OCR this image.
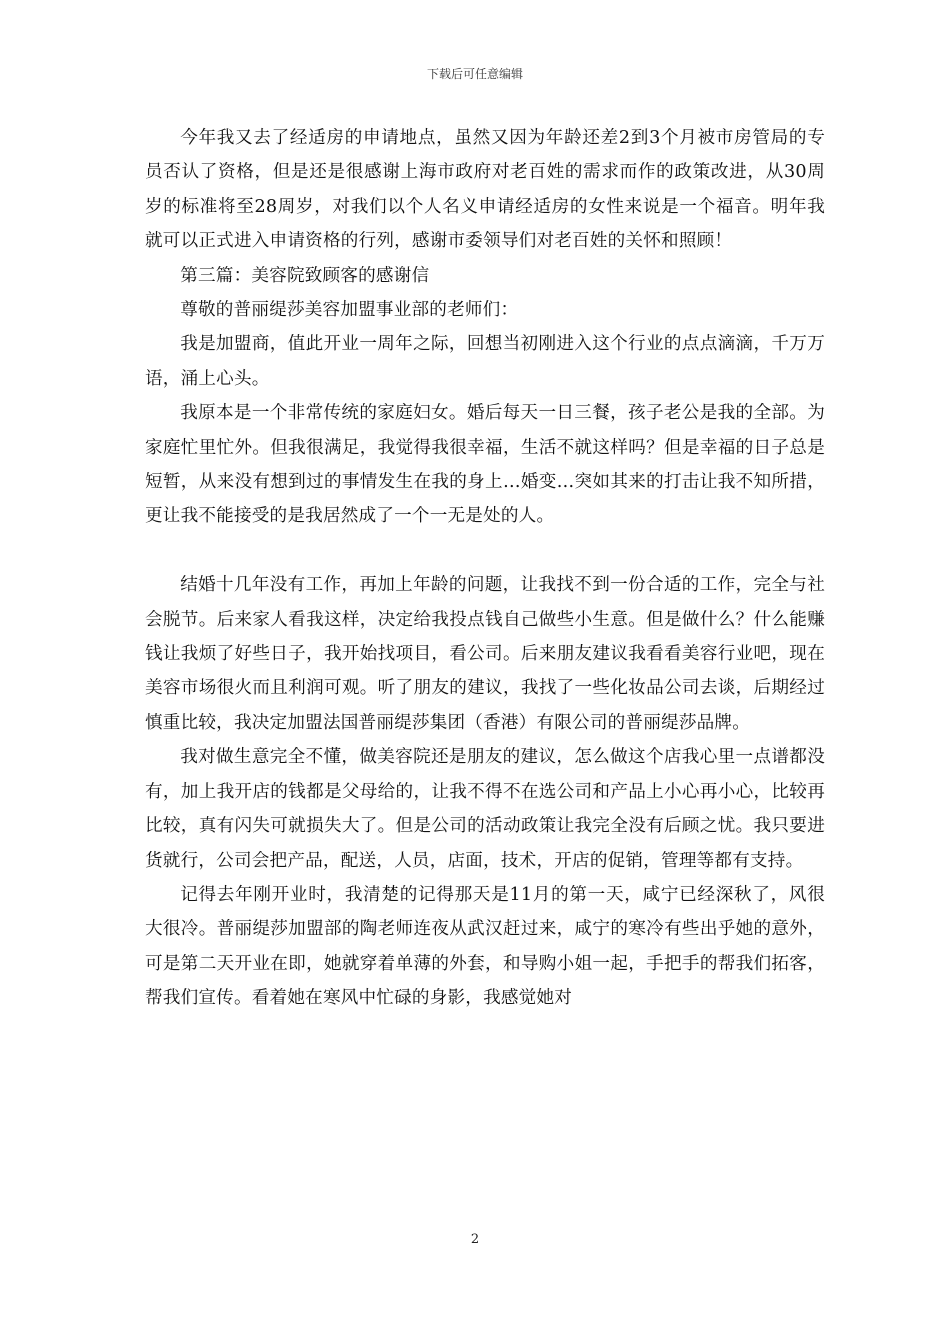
下载后可任意编辑

今年我又去了经适房的申请地点，虽然又因为年龄还差2到3个月被市房管局的专员否认了资格，但是还是很感谢上海市政府对老百姓的需求而作的政策改进，从30周岁的标准将至28周岁，对我们以个人名义申请经适房的女性来说是一个福音。明年我就可以正式进入申请资格的行列，感谢市委领导们对老百姓的关怀和照顾！

第三篇：美容院致顾客的感谢信

尊敬的普丽缇莎美容加盟事业部的老师们：

我是加盟商，值此开业一周年之际，回想当初刚进入这个行业的点点滴滴，千万万语，涌上心头。

我原本是一个非常传统的家庭妇女。婚后每天一日三餐，孩子老公是我的全部。为家庭忙里忙外。但我很满足，我觉得我很幸福，生活不就这样吗？但是幸福的日子总是短暂，从来没有想到过的事情发生在我的身上…婚变…突如其来的打击让我不知所措，更让我不能接受的是我居然成了一个一无是处的人。

结婚十几年没有工作，再加上年龄的问题，让我找不到一份合适的工作，完全与社会脱节。后来家人看我这样，决定给我投点钱自己做些小生意。但是做什么？什么能赚钱让我烦了好些日子，我开始找项目，看公司。后来朋友建议我看看美容行业吧，现在美容市场很火而且利润可观。听了朋友的建议，我找了一些化妆品公司去谈，后期经过慎重比较，我决定加盟法国普丽缇莎集团（香港）有限公司的普丽缇莎品牌。

我对做生意完全不懂，做美容院还是朋友的建议，怎么做这个店我心里一点谱都没有，加上我开店的钱都是父母给的，让我不得不在选公司和产品上小心再小心，比较再比较，真有闪失可就损失大了。但是公司的活动政策让我完全没有后顾之忧。我只要进货就行，公司会把产品，配送，人员，店面，技术，开店的促销，管理等都有支持。

记得去年刚开业时，我清楚的记得那天是11月的第一天，咸宁已经深秋了，风很大很冷。普丽缇莎加盟部的陶老师连夜从武汉赶过来，咸宁的寒冷有些出乎她的意外，可是第二天开业在即，她就穿着单薄的外套，和导购小姐一起，手把手的帮我们拓客，帮我们宣传。看着她在寒风中忙碌的身影，我感觉她对

2
